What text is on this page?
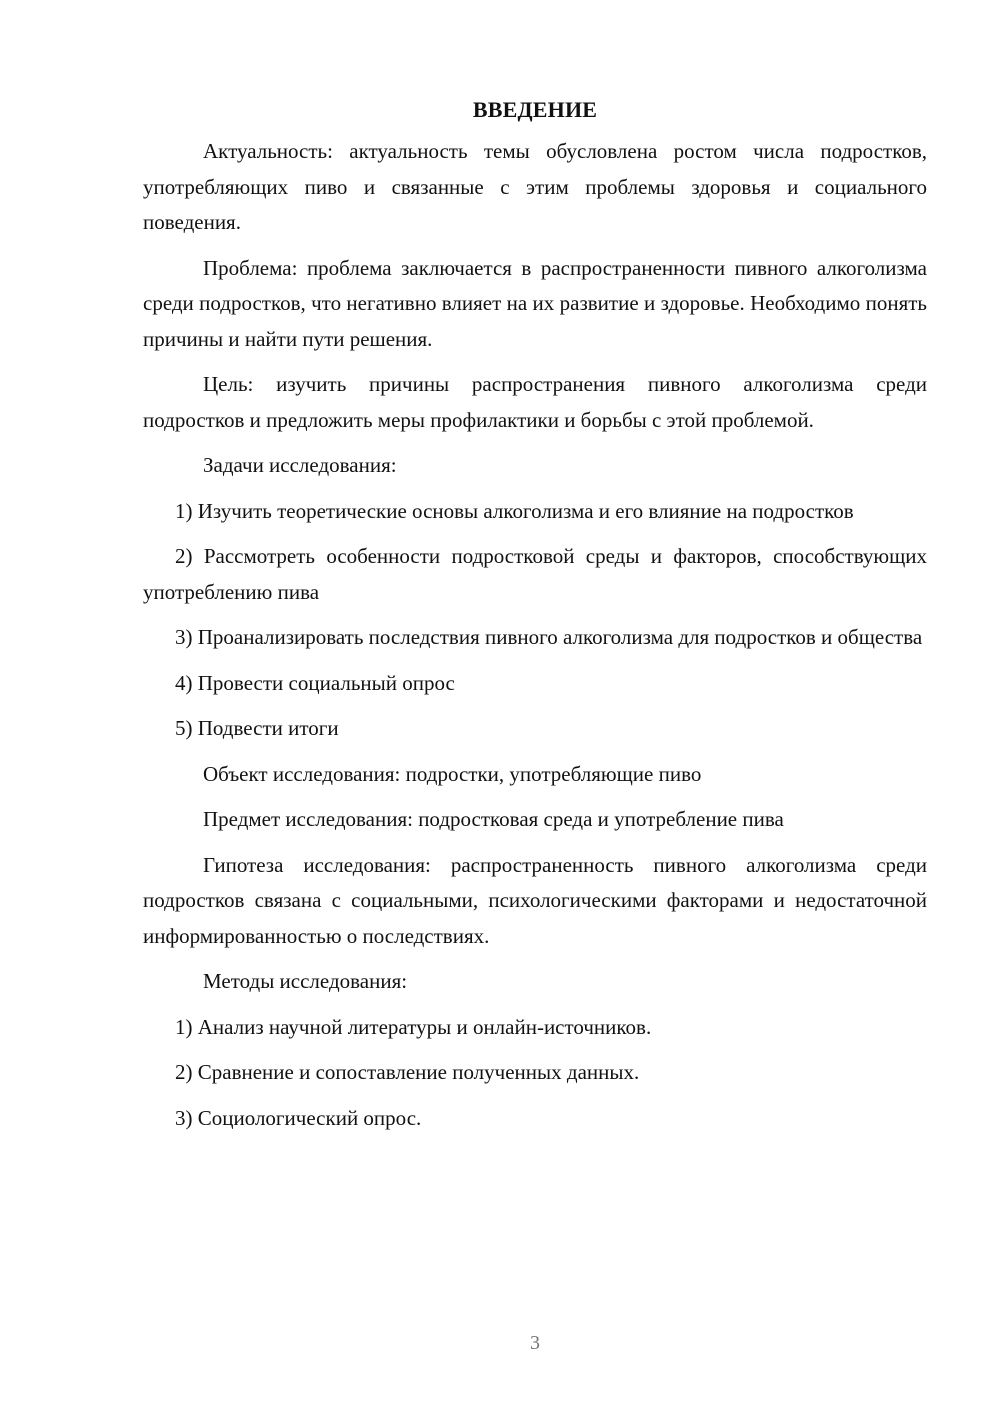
ВВЕДЕНИЕ

Актуальность: актуальность темы обусловлена ростом числа подростков, употребляющих пиво и связанные с этим проблемы здоровья и социального поведения.

Проблема: проблема заключается в распространенности пивного алкоголизма среди подростков, что негативно влияет на их развитие и здоровье. Необходимо понять причины и найти пути решения.

Цель: изучить причины распространения пивного алкоголизма среди подростков и предложить меры профилактики и борьбы с этой проблемой.

Задачи исследования:

1) Изучить теоретические основы алкоголизма и его влияние на подростков

2) Рассмотреть особенности подростковой среды и факторов, способствующих употреблению пива

3) Проанализировать последствия пивного алкоголизма для подростков и общества

4) Провести социальный опрос

5) Подвести итоги

Объект исследования: подростки, употребляющие пиво

Предмет исследования: подростковая среда и употребление пива

Гипотеза исследования: распространенность пивного алкоголизма среди подростков связана с социальными, психологическими факторами и недостаточной информированностью о последствиях.

Методы исследования:

1) Анализ научной литературы и онлайн-источников.

2) Сравнение и сопоставление полученных данных.

3) Социологический опрос.

3
